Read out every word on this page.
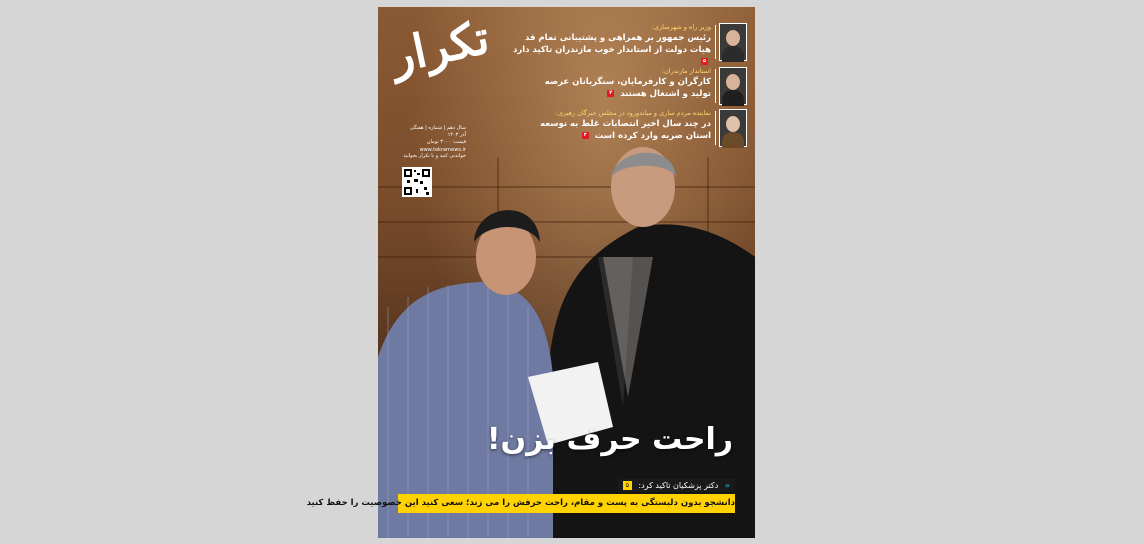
تکرار
سال دهم | شماره | هفتگی
آذر ۱۴۰۳
قیمت: ۳۰۰۰ تومان
www.tekrarnews.ir
خواندنی کنید و با تکرار بخوانید
وزیر راه و شهرسازی:
رئیس جمهور بر همراهی و پشتیبانی تمام قد
هیات دولت از استاندار خوب مازندران تاکید دارد ۵
استاندار مازندران:
کارگران و کارفرمایان، سنگربانان عرصه
تولید و اشتغال هستند ۴
نماینده مردم ساری و میاندورود در مجلس خبرگان رهبری:
در چند سال اخیر انتصابات غلط به توسعه
استان ضربه وارد کرده است ۳
راحت حرف بزن!
« دکتر پزشکیان تاکید کرد: ۵
دانشجو بدون دلبستگی به پست و مقام، راحت حرفش را می زند؛ سعی کنید این خصوصیت را حفظ کنید
